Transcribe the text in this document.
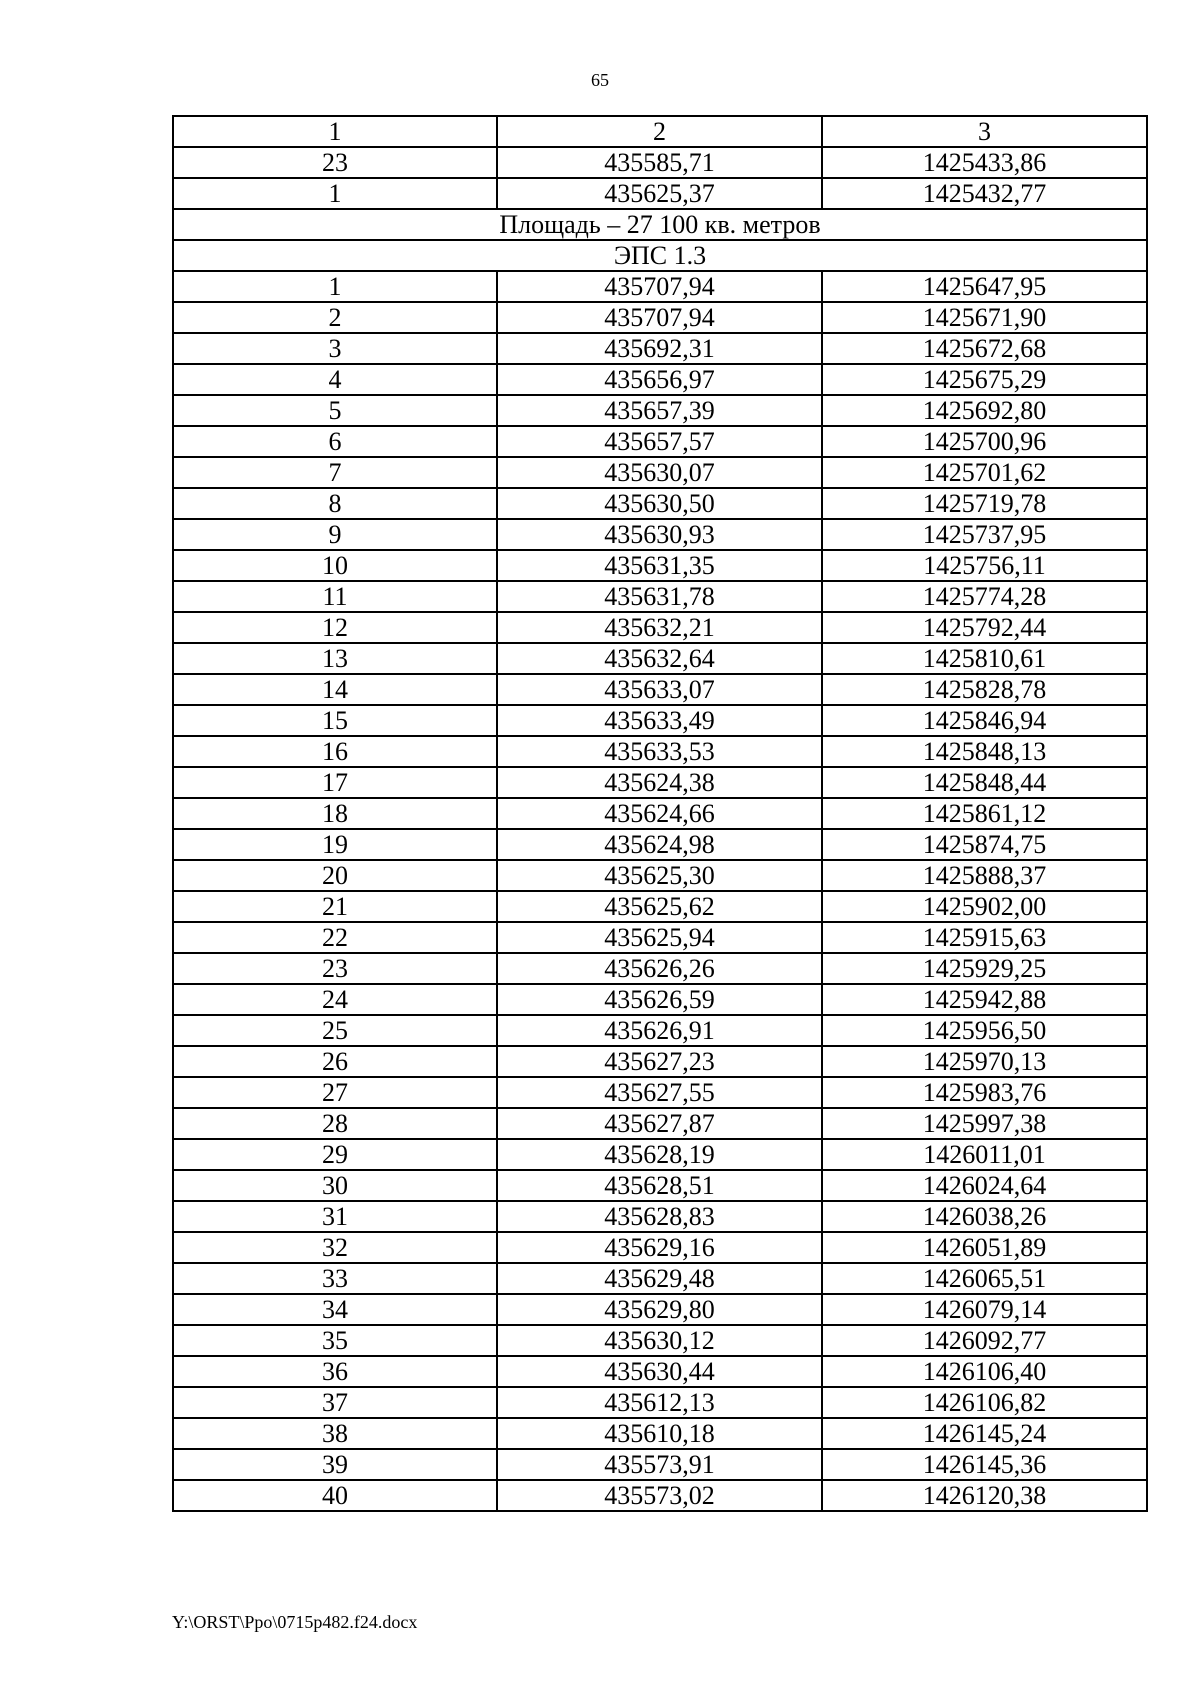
65
1	2	3
23	435585,71	1425433,86
1	435625,37	1425432,77
Площадь – 27 100 кв. метров		
ЭПС 1.3		
1	435707,94	1425647,95
2	435707,94	1425671,90
3	435692,31	1425672,68
4	435656,97	1425675,29
5	435657,39	1425692,80
6	435657,57	1425700,96
7	435630,07	1425701,62
8	435630,50	1425719,78
9	435630,93	1425737,95
10	435631,35	1425756,11
11	435631,78	1425774,28
12	435632,21	1425792,44
13	435632,64	1425810,61
14	435633,07	1425828,78
15	435633,49	1425846,94
16	435633,53	1425848,13
17	435624,38	1425848,44
18	435624,66	1425861,12
19	435624,98	1425874,75
20	435625,30	1425888,37
21	435625,62	1425902,00
22	435625,94	1425915,63
23	435626,26	1425929,25
24	435626,59	1425942,88
25	435626,91	1425956,50
26	435627,23	1425970,13
27	435627,55	1425983,76
28	435627,87	1425997,38
29	435628,19	1426011,01
30	435628,51	1426024,64
31	435628,83	1426038,26
32	435629,16	1426051,89
33	435629,48	1426065,51
34	435629,80	1426079,14
35	435630,12	1426092,77
36	435630,44	1426106,40
37	435612,13	1426106,82
38	435610,18	1426145,24
39	435573,91	1426145,36
40	435573,02	1426120,38
Y:\ORST\Ppo\0715p482.f24.docx
